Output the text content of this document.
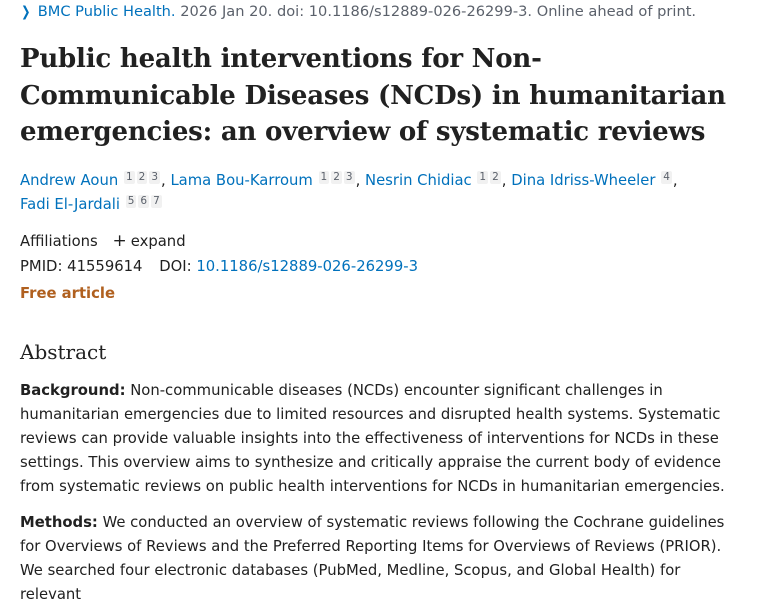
❯ BMC Public Health. 2026 Jan 20. doi: 10.1186/s12889-026-26299-3. Online ahead of print.
Public health interventions for Non-Communicable Diseases (NCDs) in humanitarian emergencies: an overview of systematic reviews
Andrew Aoun 1 2 3 , Lama Bou-Karroum 1 2 3 , Nesrin Chidiac 1 2 , Dina Idriss-Wheeler 4 ,
Fadi El-Jardali 5 6 7
Affiliations + expand
PMID: 41559614 DOI: 10.1186/s12889-026-26299-3
Free article
Abstract

Background: Non-communicable diseases (NCDs) encounter significant challenges in humanitarian emergencies due to limited resources and disrupted health systems. Systematic reviews can provide valuable insights into the effectiveness of interventions for NCDs in these settings. This overview aims to synthesize and critically appraise the current body of evidence from systematic reviews on public health interventions for NCDs in humanitarian emergencies.

Methods: We conducted an overview of systematic reviews following the Cochrane guidelines for Overviews of Reviews and the Preferred Reporting Items for Overviews of Reviews (PRIOR). We searched four electronic databases (PubMed, Medline, Scopus, and Global Health) for relevant
